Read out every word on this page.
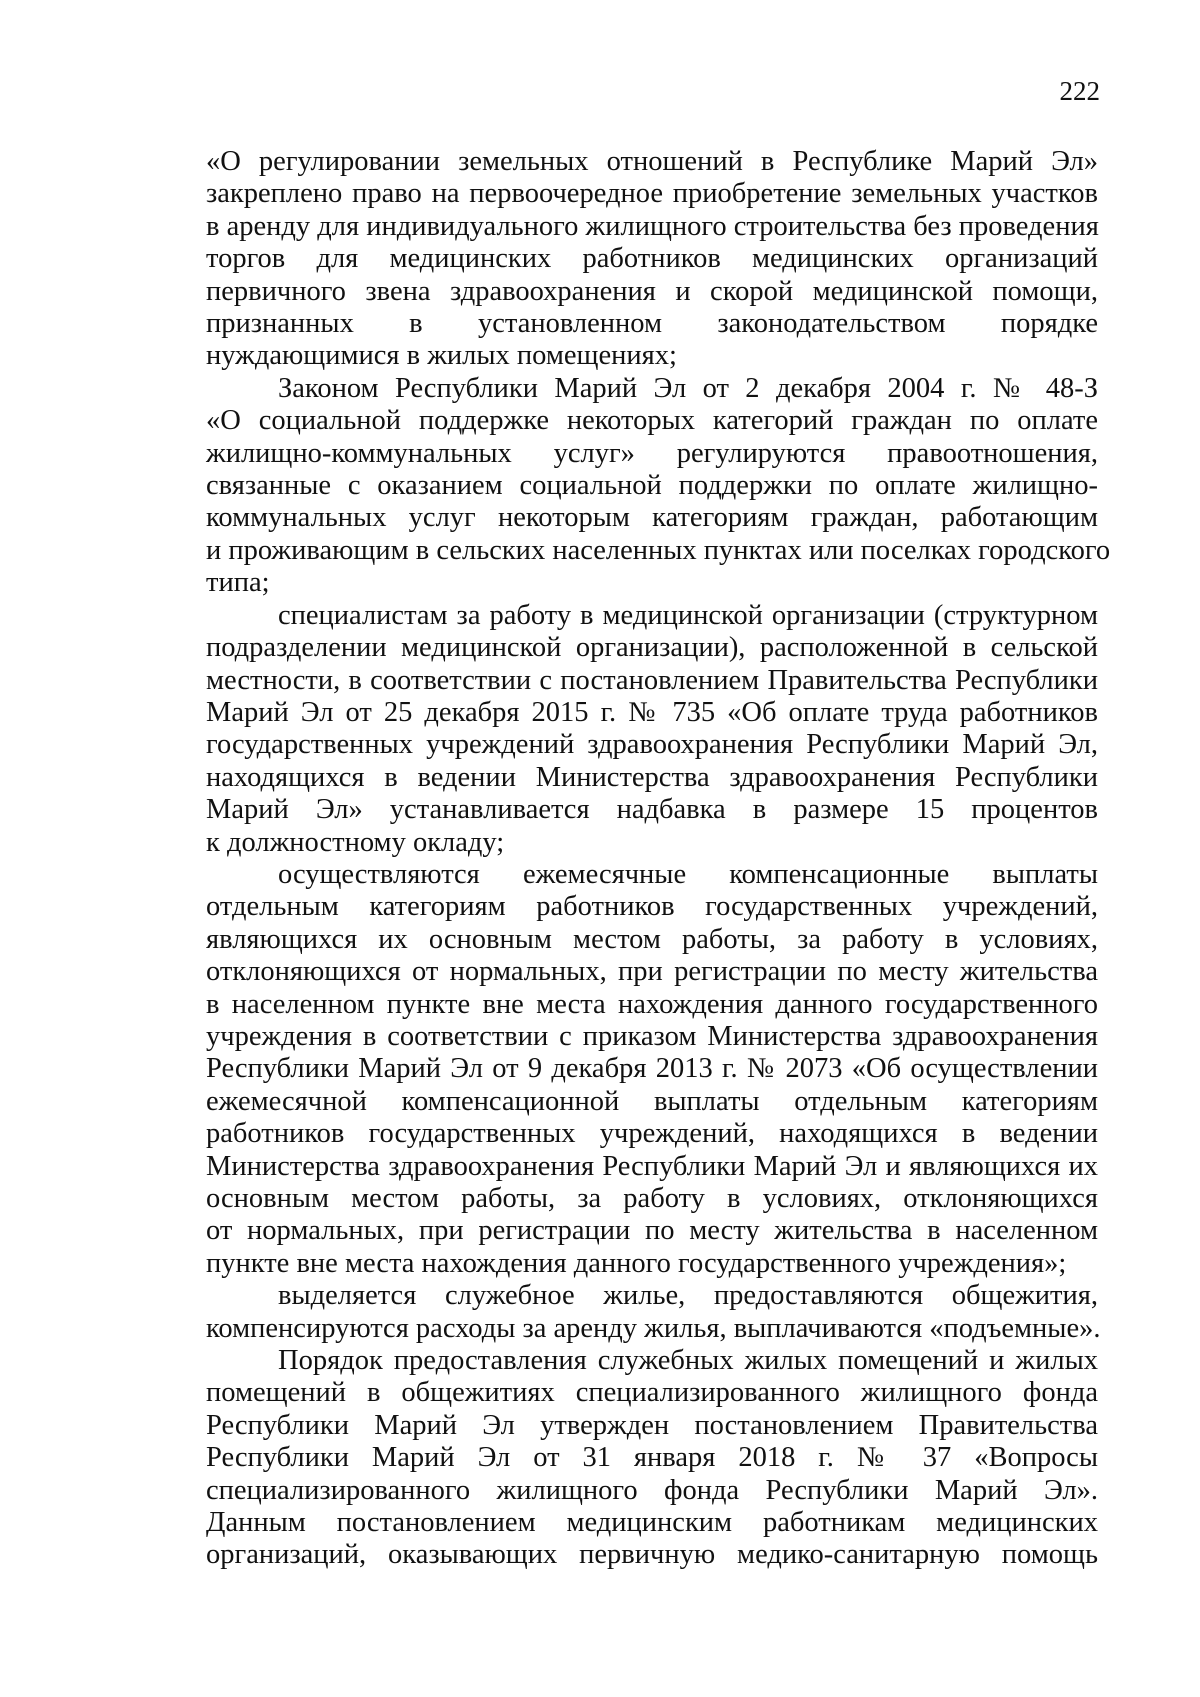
222
«О регулировании земельных отношений в Республике Марий Эл»
закреплено право на первоочередное приобретение земельных участков
в аренду для индивидуального жилищного строительства без проведения
торгов для медицинских работников медицинских организаций
первичного звена здравоохранения и скорой медицинской помощи,
признанных в установленном законодательством порядке
нуждающимися в жилых помещениях;
Законом Республики Марий Эл от 2 декабря 2004 г. № 48-З
«О социальной поддержке некоторых категорий граждан по оплате
жилищно-коммунальных услуг» регулируются правоотношения,
связанные с оказанием социальной поддержки по оплате жилищно-
коммунальных услуг некоторым категориям граждан, работающим
и проживающим в сельских населенных пунктах или поселках городского
типа;
специалистам за работу в медицинской организации (структурном
подразделении медицинской организации), расположенной в сельской
местности, в соответствии с постановлением Правительства Республики
Марий Эл от 25 декабря 2015 г. № 735 «Об оплате труда работников
государственных учреждений здравоохранения Республики Марий Эл,
находящихся в ведении Министерства здравоохранения Республики
Марий Эл» устанавливается надбавка в размере 15 процентов
к должностному окладу;
осуществляются ежемесячные компенсационные выплаты
отдельным категориям работников государственных учреждений,
являющихся их основным местом работы, за работу в условиях,
отклоняющихся от нормальных, при регистрации по месту жительства
в населенном пункте вне места нахождения данного государственного
учреждения в соответствии с приказом Министерства здравоохранения
Республики Марий Эл от 9 декабря 2013 г. № 2073 «Об осуществлении
ежемесячной компенсационной выплаты отдельным категориям
работников государственных учреждений, находящихся в ведении
Министерства здравоохранения Республики Марий Эл и являющихся их
основным местом работы, за работу в условиях, отклоняющихся
от нормальных, при регистрации по месту жительства в населенном
пункте вне места нахождения данного государственного учреждения»;
выделяется служебное жилье, предоставляются общежития,
компенсируются расходы за аренду жилья, выплачиваются «подъемные».
Порядок предоставления служебных жилых помещений и жилых
помещений в общежитиях специализированного жилищного фонда
Республики Марий Эл утвержден постановлением Правительства
Республики Марий Эл от 31 января 2018 г. № 37 «Вопросы
специализированного жилищного фонда Республики Марий Эл».
Данным постановлением медицинским работникам медицинских
организаций, оказывающих первичную медико-санитарную помощь
